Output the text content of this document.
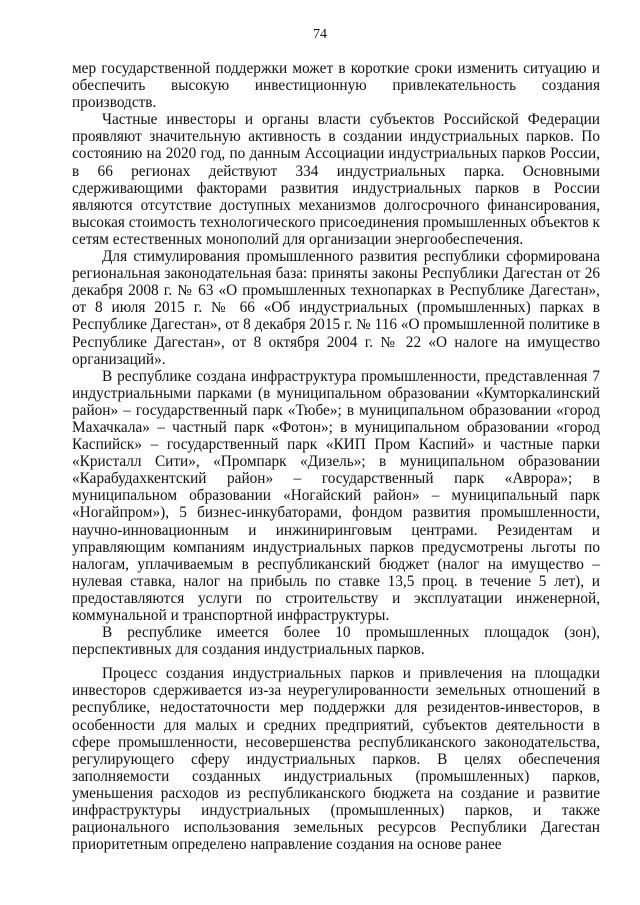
74

мер государственной поддержки может в короткие сроки изменить ситуацию и обеспечить высокую инвестиционную привлекательность создания производств.

Частные инвесторы и органы власти субъектов Российской Федерации проявляют значительную активность в создании индустриальных парков. По состоянию на 2020 год, по данным Ассоциации индустриальных парков России, в 66 регионах действуют 334 индустриальных парка. Основными сдерживающими факторами развития индустриальных парков в России являются отсутствие доступных механизмов долгосрочного финансирования, высокая стоимость технологического присоединения промышленных объектов к сетям естественных монополий для организации энергообеспечения.

Для стимулирования промышленного развития республики сформирована региональная законодательная база: приняты законы Республики Дагестан от 26 декабря 2008 г. № 63 «О промышленных технопарках в Республике Дагестан», от 8 июля 2015 г. № 66 «Об индустриальных (промышленных) парках в Республике Дагестан», от 8 декабря 2015 г. № 116 «О промышленной политике в Республике Дагестан», от 8 октября 2004 г. № 22 «О налоге на имущество организаций».

В республике создана инфраструктура промышленности, представленная 7 индустриальными парками (в муниципальном образовании «Кумторкалинский район» – государственный парк «Тюбе»; в муниципальном образовании «город Махачкала» – частный парк «Фотон»; в муниципальном образовании «город Каспийск» – государственный парк «КИП Пром Каспий» и частные парки «Кристалл Сити», «Промпарк «Дизель»; в муниципальном образовании «Карабудахкентский район» – государственный парк «Аврора»; в муниципальном образовании «Ногайский район» – муниципальный парк «Ногайпром»), 5 бизнес-инкубаторами, фондом развития промышленности, научно-инновационным и инжиниринговым центрами. Резидентам и управляющим компаниям индустриальных парков предусмотрены льготы по налогам, уплачиваемым в республиканский бюджет (налог на имущество – нулевая ставка, налог на прибыль по ставке 13,5 проц. в течение 5 лет), и предоставляются услуги по строительству и эксплуатации инженерной, коммунальной и транспортной инфраструктуры.

В республике имеется более 10 промышленных площадок (зон), перспективных для создания индустриальных парков.

Процесс создания индустриальных парков и привлечения на площадки инвесторов сдерживается из-за неурегулированности земельных отношений в республике, недостаточности мер поддержки для резидентов-инвесторов, в особенности для малых и средних предприятий, субъектов деятельности в сфере промышленности, несовершенства республиканского законодательства, регулирующего сферу индустриальных парков. В целях обеспечения заполняемости созданных индустриальных (промышленных) парков, уменьшения расходов из республиканского бюджета на создание и развитие инфраструктуры индустриальных (промышленных) парков, и также рационального использования земельных ресурсов Республики Дагестан приоритетным определено направление создания на основе ранее
